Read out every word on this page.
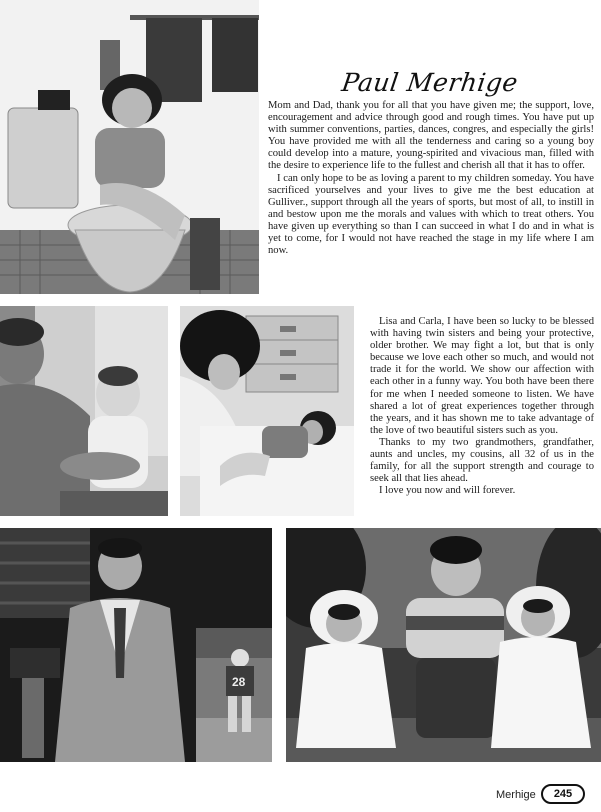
28
Paul Merhige

Mom and Dad, thank you for all that you have given me; the support, love, encouragement and advice through good and rough times. You have put up with summer conventions, parties, dances, congres, and especially the girls! You have provided me with all the tenderness and caring so a young boy could develop into a mature, young-spirited and vivacious man, filled with the desire to experience life to the fullest and cherish all that it has to offer.

I can only hope to be as loving a parent to my children someday. You have sacrificed yourselves and your lives to give me the best education at Gulliver., support through all the years of sports, but most of all, to instill in and bestow upon me the morals and values with which to treat others. You have given up everything so than I can succeed in what I do and in what is yet to come, for I would not have reached the stage in my life where I am now.

Lisa and Carla, I have been so lucky to be blessed with having twin sisters and being your protective, older brother. We may fight a lot, but that is only because we love each other so much, and would not trade it for the world. We show our affection with each other in a funny way. You both have been there for me when I needed someone to listen. We have shared a lot of great experiences together through the years, and it has shown me to take advantage of the love of two beautiful sisters such as you.

Thanks to my two grandmothers, grandfather, aunts and uncles, my cousins, all 32 of us in the family, for all the support strength and courage to seek all that lies ahead.

I love you now and will forever.

Merhige	245
